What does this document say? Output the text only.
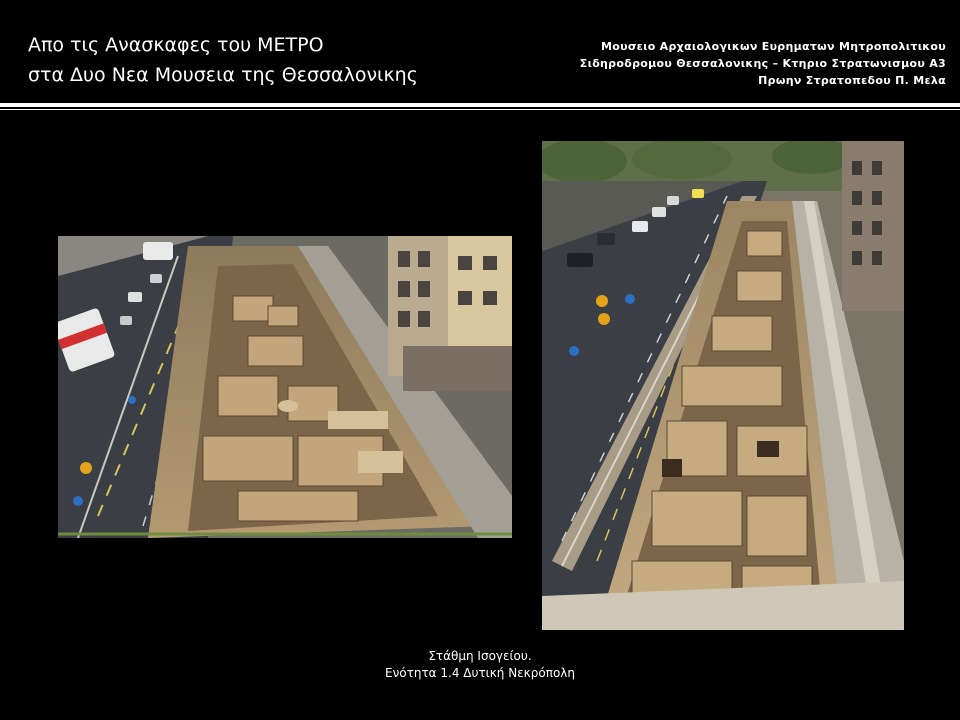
Απο τις Ανασκαφες του ΜΕΤΡΟ
στα Δυο Νεα Μουσεια της Θεσσαλονικης
Μουσειο Αρχαιολογικων Ευρηματων Μητροπολιτικου
Σιδηροδρομου Θεσσαλονικης – Κτηριο Στρατωνισμου Α3
Πρωην Στρατοπεδου Π. Μελα
Στάθμη Ισογείου.
Ενότητα 1.4 Δυτική Νεκρόπολη
